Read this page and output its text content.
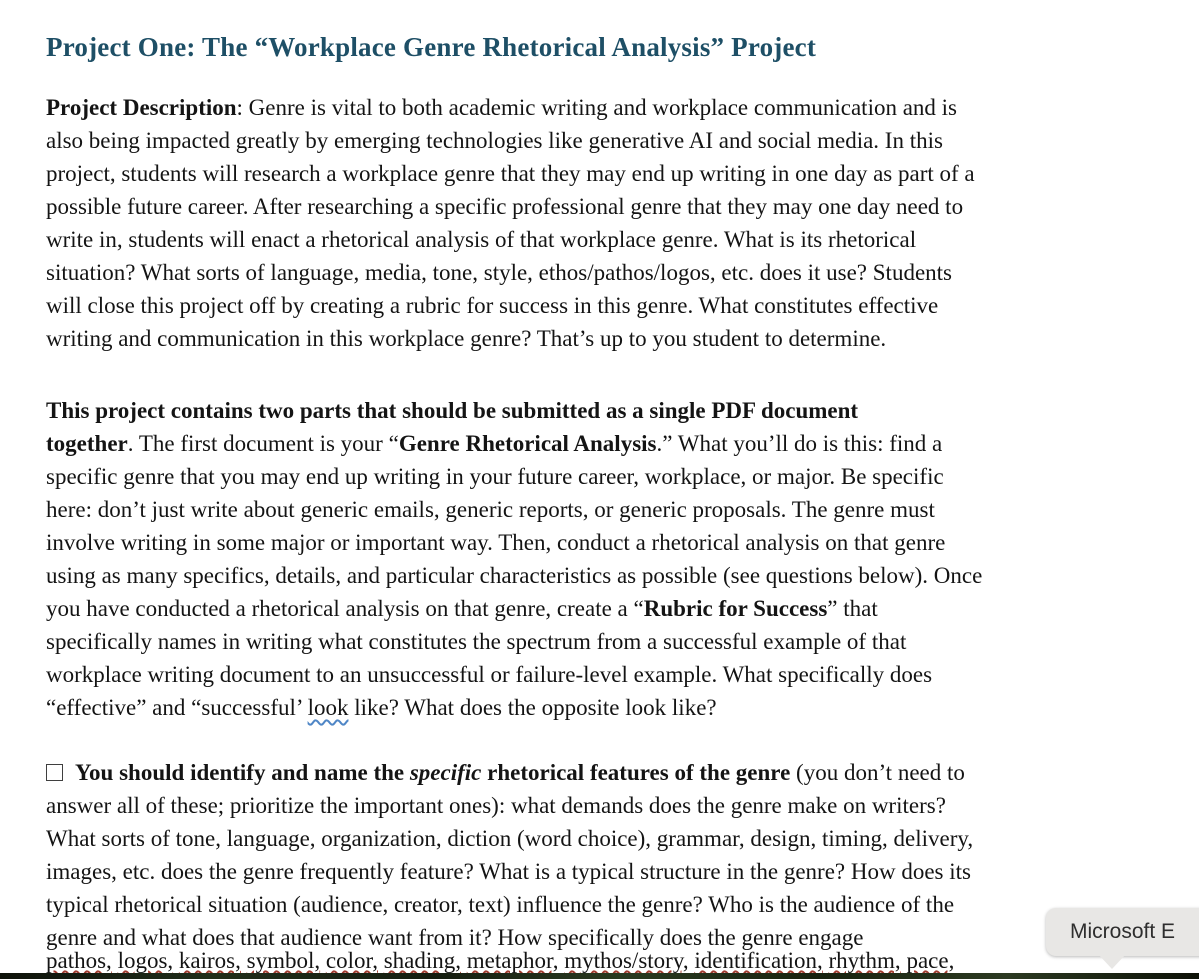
Project One: The “Workplace Genre Rhetorical Analysis” Project
Project Description: Genre is vital to both academic writing and workplace communication and is
also being impacted greatly by emerging technologies like generative AI and social media. In this
project, students will research a workplace genre that they may end up writing in one day as part of a
possible future career. After researching a specific professional genre that they may one day need to
write in, students will enact a rhetorical analysis of that workplace genre. What is its rhetorical
situation? What sorts of language, media, tone, style, ethos/pathos/logos, etc. does it use? Students
will close this project off by creating a rubric for success in this genre. What constitutes effective
writing and communication in this workplace genre? That’s up to you student to determine.
This project contains two parts that should be submitted as a single PDF document
together. The first document is your “Genre Rhetorical Analysis.” What you’ll do is this: find a
specific genre that you may end up writing in your future career, workplace, or major. Be specific
here: don’t just write about generic emails, generic reports, or generic proposals. The genre must
involve writing in some major or important way. Then, conduct a rhetorical analysis on that genre
using as many specifics, details, and particular characteristics as possible (see questions below). Once
you have conducted a rhetorical analysis on that genre, create a “Rubric for Success” that
specifically names in writing what constitutes the spectrum from a successful example of that
workplace writing document to an unsuccessful or failure-level example. What specifically does
“effective” and “successful’ look like? What does the opposite look like?
You should identify and name the specific rhetorical features of the genre (you don’t need to
answer all of these; prioritize the important ones): what demands does the genre make on writers?
What sorts of tone, language, organization, diction (word choice), grammar, design, timing, delivery,
images, etc. does the genre frequently feature? What is a typical structure in the genre? How does its
typical rhetorical situation (audience, creator, text) influence the genre? Who is the audience of the
genre and what does that audience want from it? How specifically does the genre engage
pathos, logos, kairos, symbol, color, shading, metaphor, mythos/story, identification, rhythm, pace,
Microsoft E
